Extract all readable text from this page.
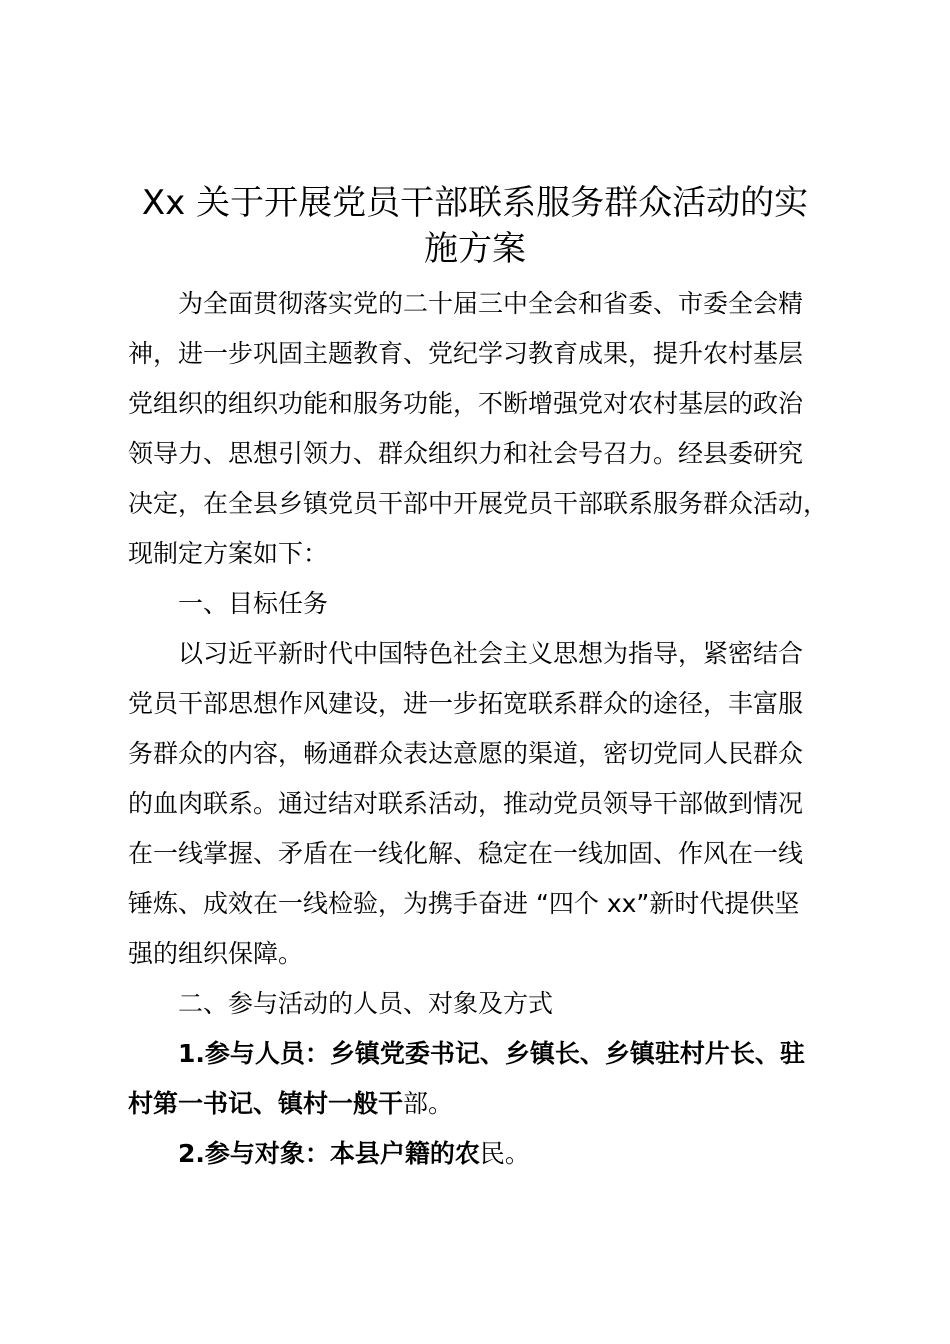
Xx 关于开展党员干部联系服务群众活动的实
施方案
为全面贯彻落实党的二十届三中全会和省委、市委全会精
神，进一步巩固主题教育、党纪学习教育成果，提升农村基层
党组织的组织功能和服务功能，不断增强党对农村基层的政治
领导力、思想引领力、群众组织力和社会号召力。经县委研究
决定，在全县乡镇党员干部中开展党员干部联系服务群众活动，
现制定方案如下：
一、目标任务
以习近平新时代中国特色社会主义思想为指导，紧密结合
党员干部思想作风建设，进一步拓宽联系群众的途径，丰富服
务群众的内容，畅通群众表达意愿的渠道，密切党同人民群众
的血肉联系。通过结对联系活动，推动党员领导干部做到情况
在一线掌握、矛盾在一线化解、稳定在一线加固、作风在一线
锤炼、成效在一线检验，为携手奋进 “四个 xx”新时代提供坚
强的组织保障。
二、参与活动的人员、对象及方式
1.参与人员：乡镇党委书记、乡镇长、乡镇驻村片长、驻
村第一书记、镇村一般干部。
2.参与对象：本县户籍的农民。
